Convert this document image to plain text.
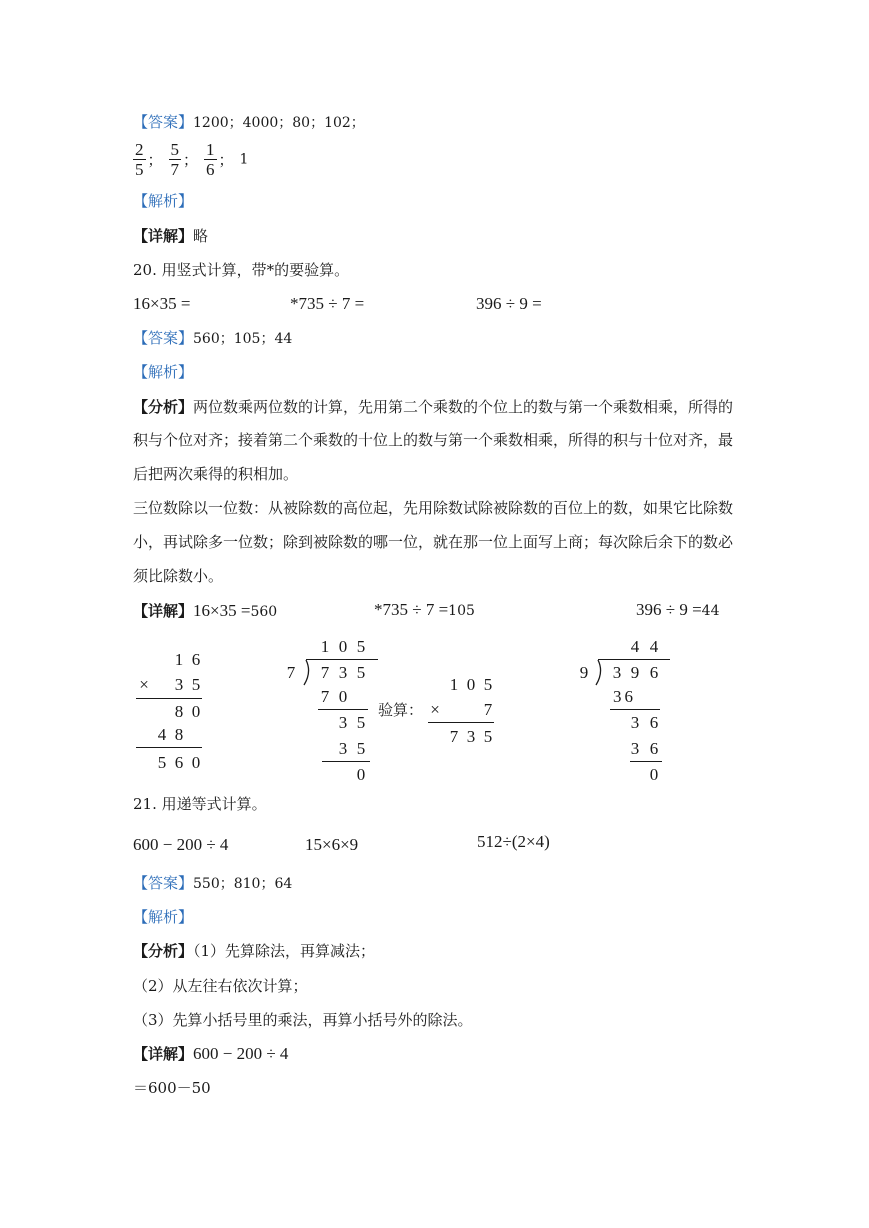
【答案】1200；4000；80；102；
$\frac{2}{5}$ ； $\frac{5}{7}$ ； $\frac{1}{6}$ ； 1
【解析】
【详解】略
20. 用竖式计算，带*的要验算。
16×35 =	*735 ÷ 7 =	396 ÷ 9 =
【答案】560；105；44
【解析】
【分析】两位数乘两位数的计算，先用第二个乘数的个位上的数与第一个乘数相乘，所得的
积与个位对齐；接着第二个乘数的十位上的数与第一个乘数相乘，所得的积与十位对齐，最
后把两次乘得的积相加。
三位数除以一位数：从被除数的高位起，先用除数试除被除数的百位上的数，如果它比除数
小，再试除多一位数；除到被除数的哪一位，就在那一位上面写上商；每次除后余下的数必
须比除数小。
【详解】16×35 =560	*735 ÷ 7 =105	396 ÷ 9 =44
1 6
× 3 5
8 0
4 8
5 6 0
1 0 5
7 7 3 5
7 0
3 5
3 5
0
验算：
1 0 5
×	7
7 3 5
4 4
9 3 9 6
36
3 6
3 6
0
21. 用递等式计算。
600 − 200 ÷ 4	15×6×9	512÷(2×4)
【答案】550；810；64
【解析】
【分析】（1）先算除法，再算减法；
（2）从左往右依次计算；
（3）先算小括号里的乘法，再算小括号外的除法。
【详解】600 − 200 ÷ 4
＝600－50
